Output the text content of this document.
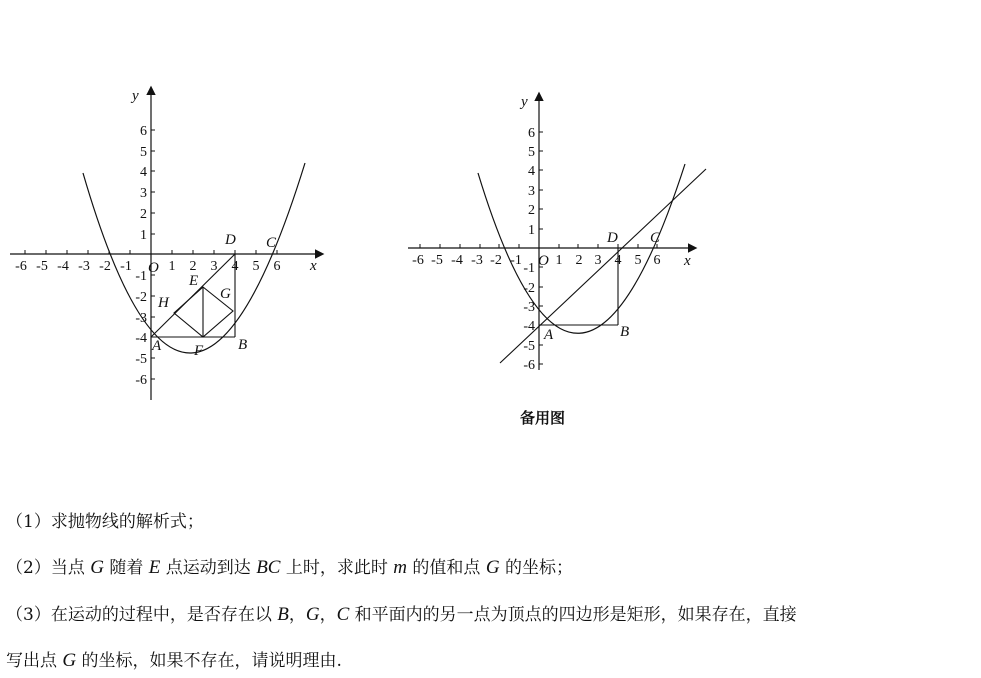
-6 -5 -4 -3 -2 -1	1 2 3 4 5 6
6
5
4
3
2
1
-1
-2
-3
-4
-5
-6
x
y
O
A	B
C
D
E
F
G
H
-6 -5 -4 -3 -2 -1 1 2 3 4 5 6
6
5
4
3
2
1
-1
-2
-3
-4
-5
-6
x
y
O
A	B
C
D
备用图
（1）求抛物线的解析式；
（2）当点 G 随着 E 点运动到达 BC 上时，求此时 m 的值和点 G 的坐标；
（3）在运动的过程中，是否存在以 B，G，C 和平面内的另一点为顶点的四边形是矩形，如果存在，直接
写出点 G 的坐标，如果不存在，请说明理由.
